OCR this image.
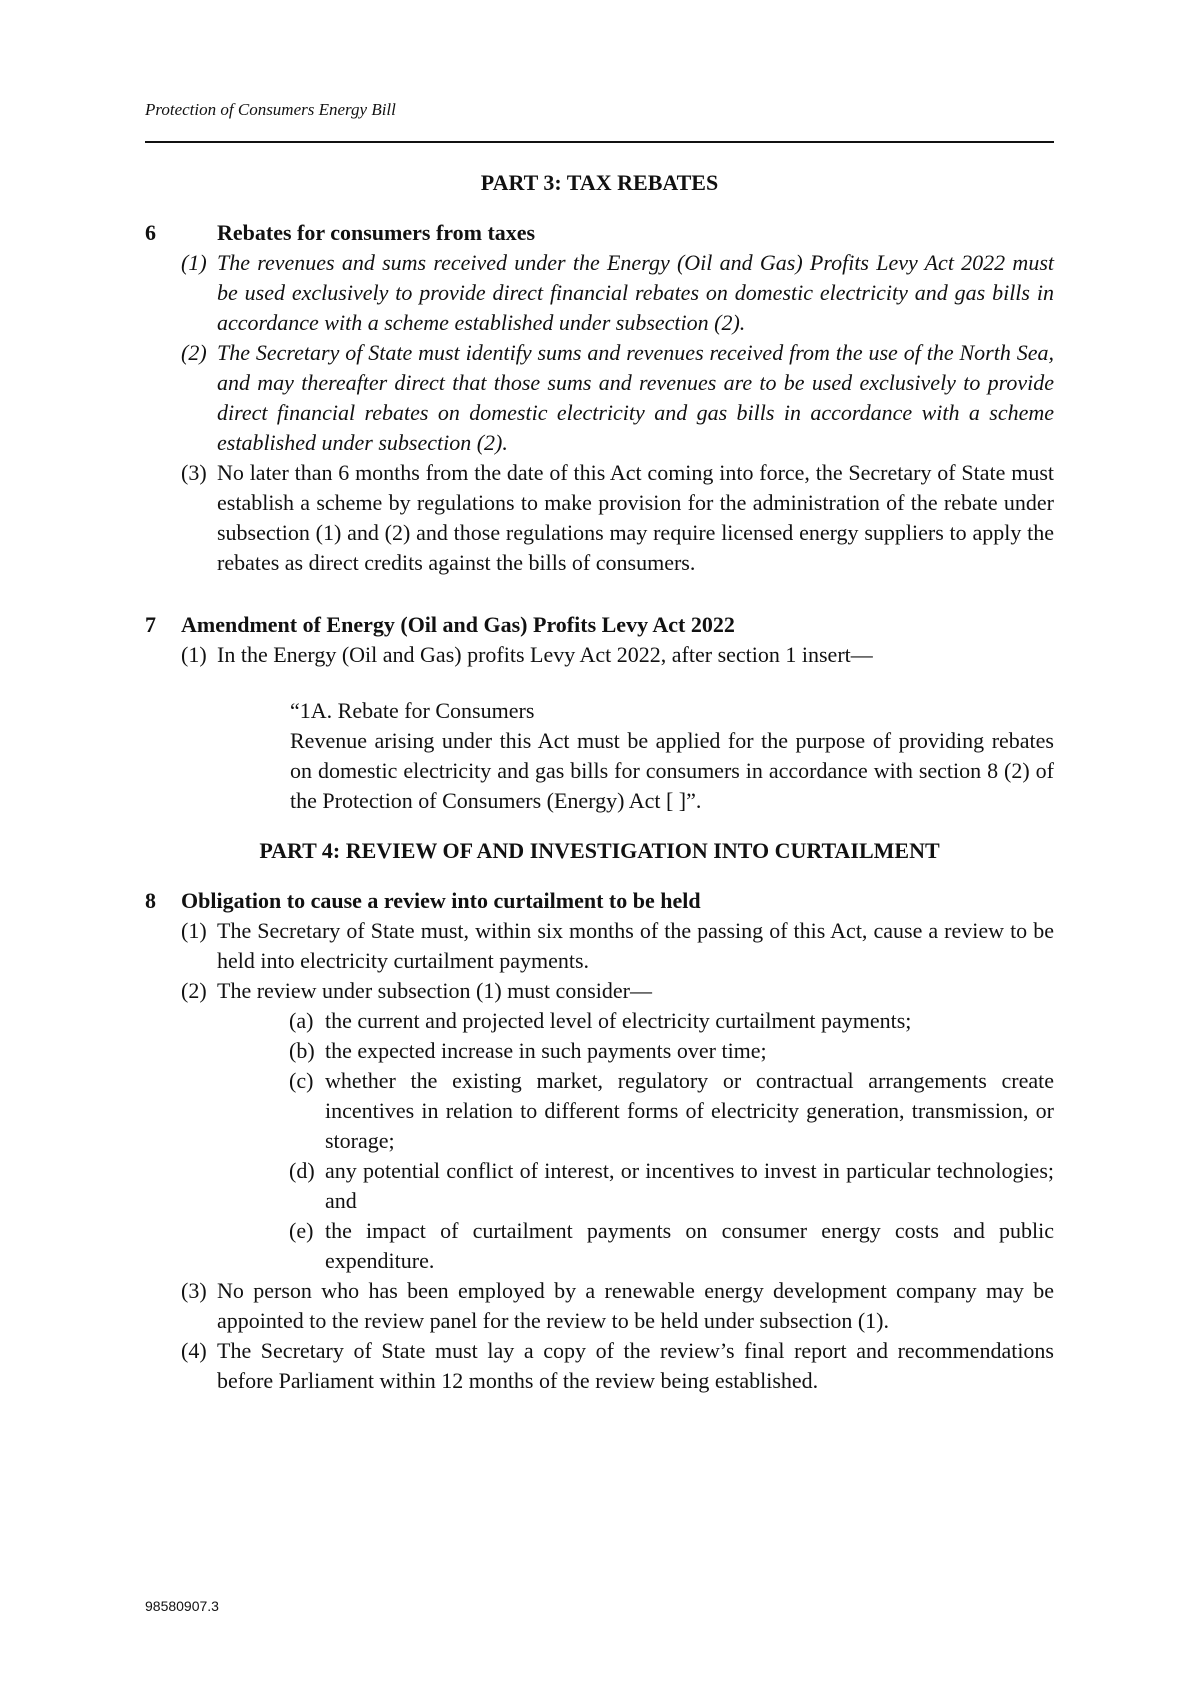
Protection of Consumers Energy Bill

PART 3: TAX REBATES

6	Rebates for consumers from taxes

(1) The revenues and sums received under the Energy (Oil and Gas) Profits Levy Act 2022 must be used exclusively to provide direct financial rebates on domestic electricity and gas bills in accordance with a scheme established under subsection (2).
(2) The Secretary of State must identify sums and revenues received from the use of the North Sea, and may thereafter direct that those sums and revenues are to be used exclusively to provide direct financial rebates on domestic electricity and gas bills in accordance with a scheme established under subsection (2).
(3) No later than 6 months from the date of this Act coming into force, the Secretary of State must establish a scheme by regulations to make provision for the administration of the rebate under subsection (1) and (2) and those regulations may require licensed energy suppliers to apply the rebates as direct credits against the bills of consumers.
7	Amendment of Energy (Oil and Gas) Profits Levy Act 2022

(1) In the Energy (Oil and Gas) profits Levy Act 2022, after section 1 insert—

“1A. Rebate for Consumers

Revenue arising under this Act must be applied for the purpose of providing rebates on domestic electricity and gas bills for consumers in accordance with section 8 (2) of the Protection of Consumers (Energy) Act [ ]”.

PART 4: REVIEW OF AND INVESTIGATION INTO CURTAILMENT

8	Obligation to cause a review into curtailment to be held

(1) The Secretary of State must, within six months of the passing of this Act, cause a review to be held into electricity curtailment payments.
(2) The review under subsection (1) must consider—
(a) the current and projected level of electricity curtailment payments;
(b) the expected increase in such payments over time;
(c) whether the existing market, regulatory or contractual arrangements create incentives in relation to different forms of electricity generation, transmission, or storage;
(d) any potential conflict of interest, or incentives to invest in particular technologies; and
(e) the impact of curtailment payments on consumer energy costs and public expenditure.
(3) No person who has been employed by a renewable energy development company may be appointed to the review panel for the review to be held under subsection (1).
(4) The Secretary of State must lay a copy of the review’s final report and recommendations before Parliament within 12 months of the review being established.
98580907.3
